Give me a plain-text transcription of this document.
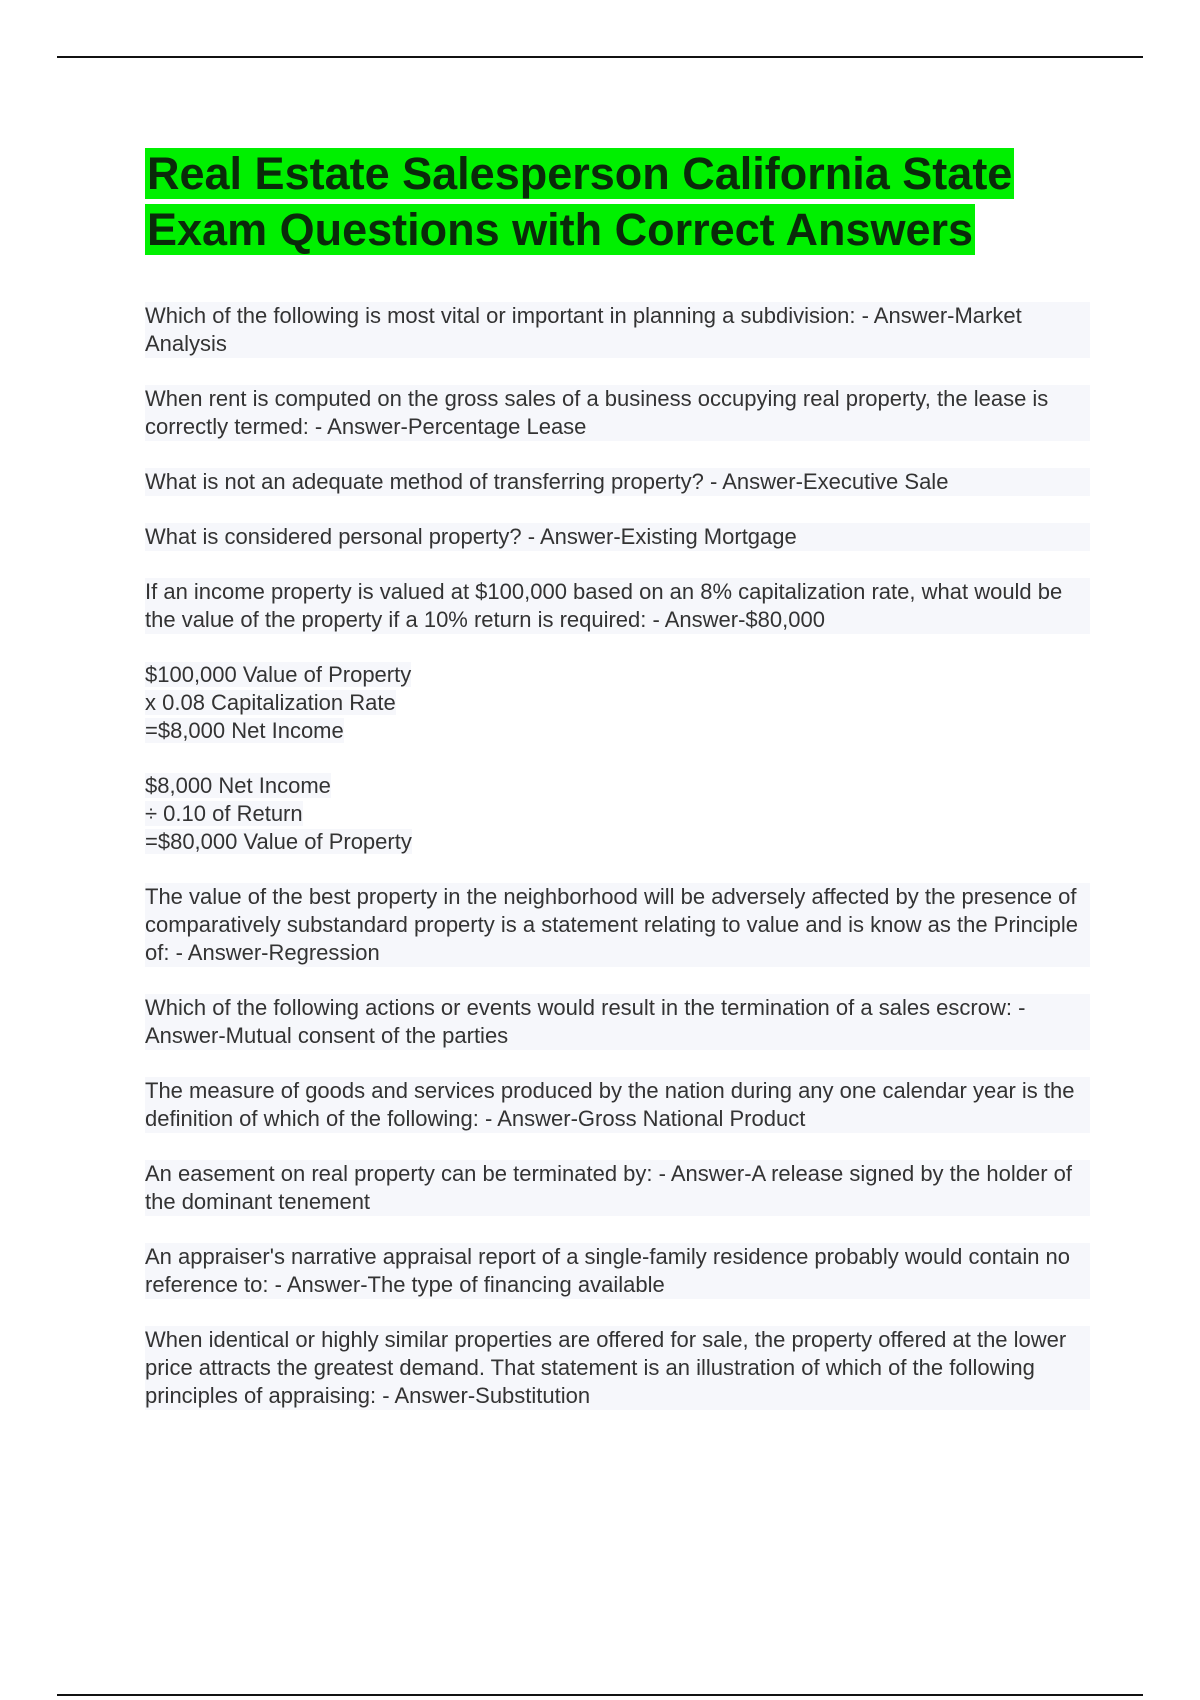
Real Estate Salesperson California State
Exam Questions with Correct Answers

Which of the following is most vital or important in planning a subdivision: - Answer-Market Analysis

When rent is computed on the gross sales of a business occupying real property, the lease is correctly termed: - Answer-Percentage Lease

What is not an adequate method of transferring property? - Answer-Executive Sale

What is considered personal property? - Answer-Existing Mortgage

If an income property is valued at $100,000 based on an 8% capitalization rate, what would be the value of the property if a 10% return is required: - Answer-$80,000

$100,000 Value of Property
x 0.08 Capitalization Rate
=$8,000 Net Income
$8,000 Net Income
÷ 0.10 of Return
=$80,000 Value of Property

The value of the best property in the neighborhood will be adversely affected by the presence of comparatively substandard property is a statement relating to value and is know as the Principle of: - Answer-Regression

Which of the following actions or events would result in the termination of a sales escrow: - Answer-Mutual consent of the parties

The measure of goods and services produced by the nation during any one calendar year is the definition of which of the following: - Answer-Gross National Product

An easement on real property can be terminated by: - Answer-A release signed by the holder of the dominant tenement

An appraiser's narrative appraisal report of a single-family residence probably would contain no reference to: - Answer-The type of financing available

When identical or highly similar properties are offered for sale, the property offered at the lower price attracts the greatest demand. That statement is an illustration of which of the following principles of appraising: - Answer-Substitution
